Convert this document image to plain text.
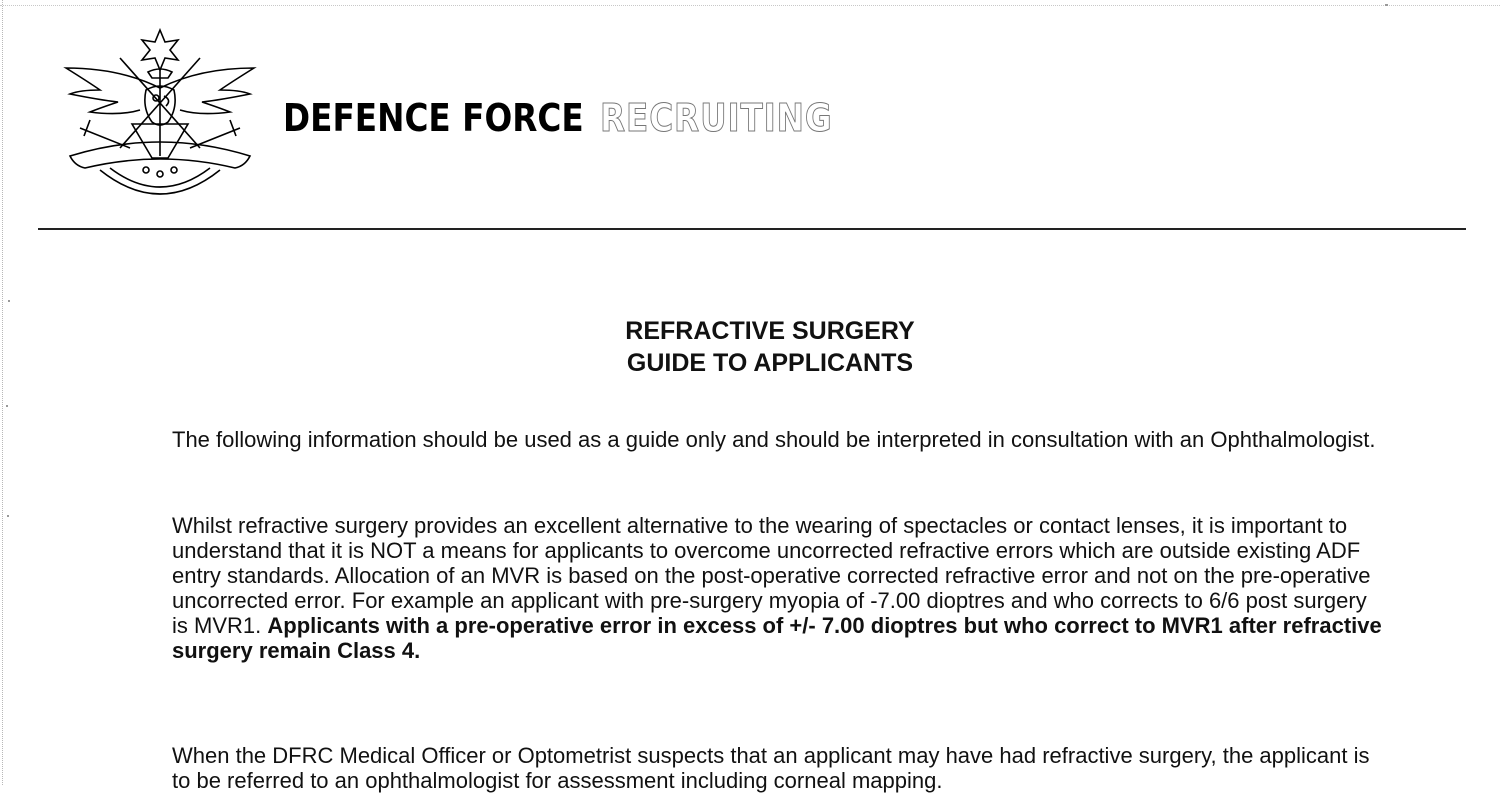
DEFENCE FORCE RECRUITING
REFRACTIVE SURGERY
GUIDE TO APPLICANTS

The following information should be used as a guide only and should be interpreted in consultation with an Ophthalmologist.

Whilst refractive surgery provides an excellent alternative to the wearing of spectacles or contact lenses, it is important to understand that it is NOT a means for applicants to overcome uncorrected refractive errors which are outside existing ADF entry standards. Allocation of an MVR is based on the post-operative corrected refractive error and not on the pre-operative uncorrected error. For example an applicant with pre-surgery myopia of -7.00 dioptres and who corrects to 6/6 post surgery is MVR1. Applicants with a pre-operative error in excess of +/- 7.00 dioptres but who correct to MVR1 after refractive surgery remain Class 4.

When the DFRC Medical Officer or Optometrist suspects that an applicant may have had refractive surgery, the applicant is to be referred to an ophthalmologist for assessment including corneal mapping.
